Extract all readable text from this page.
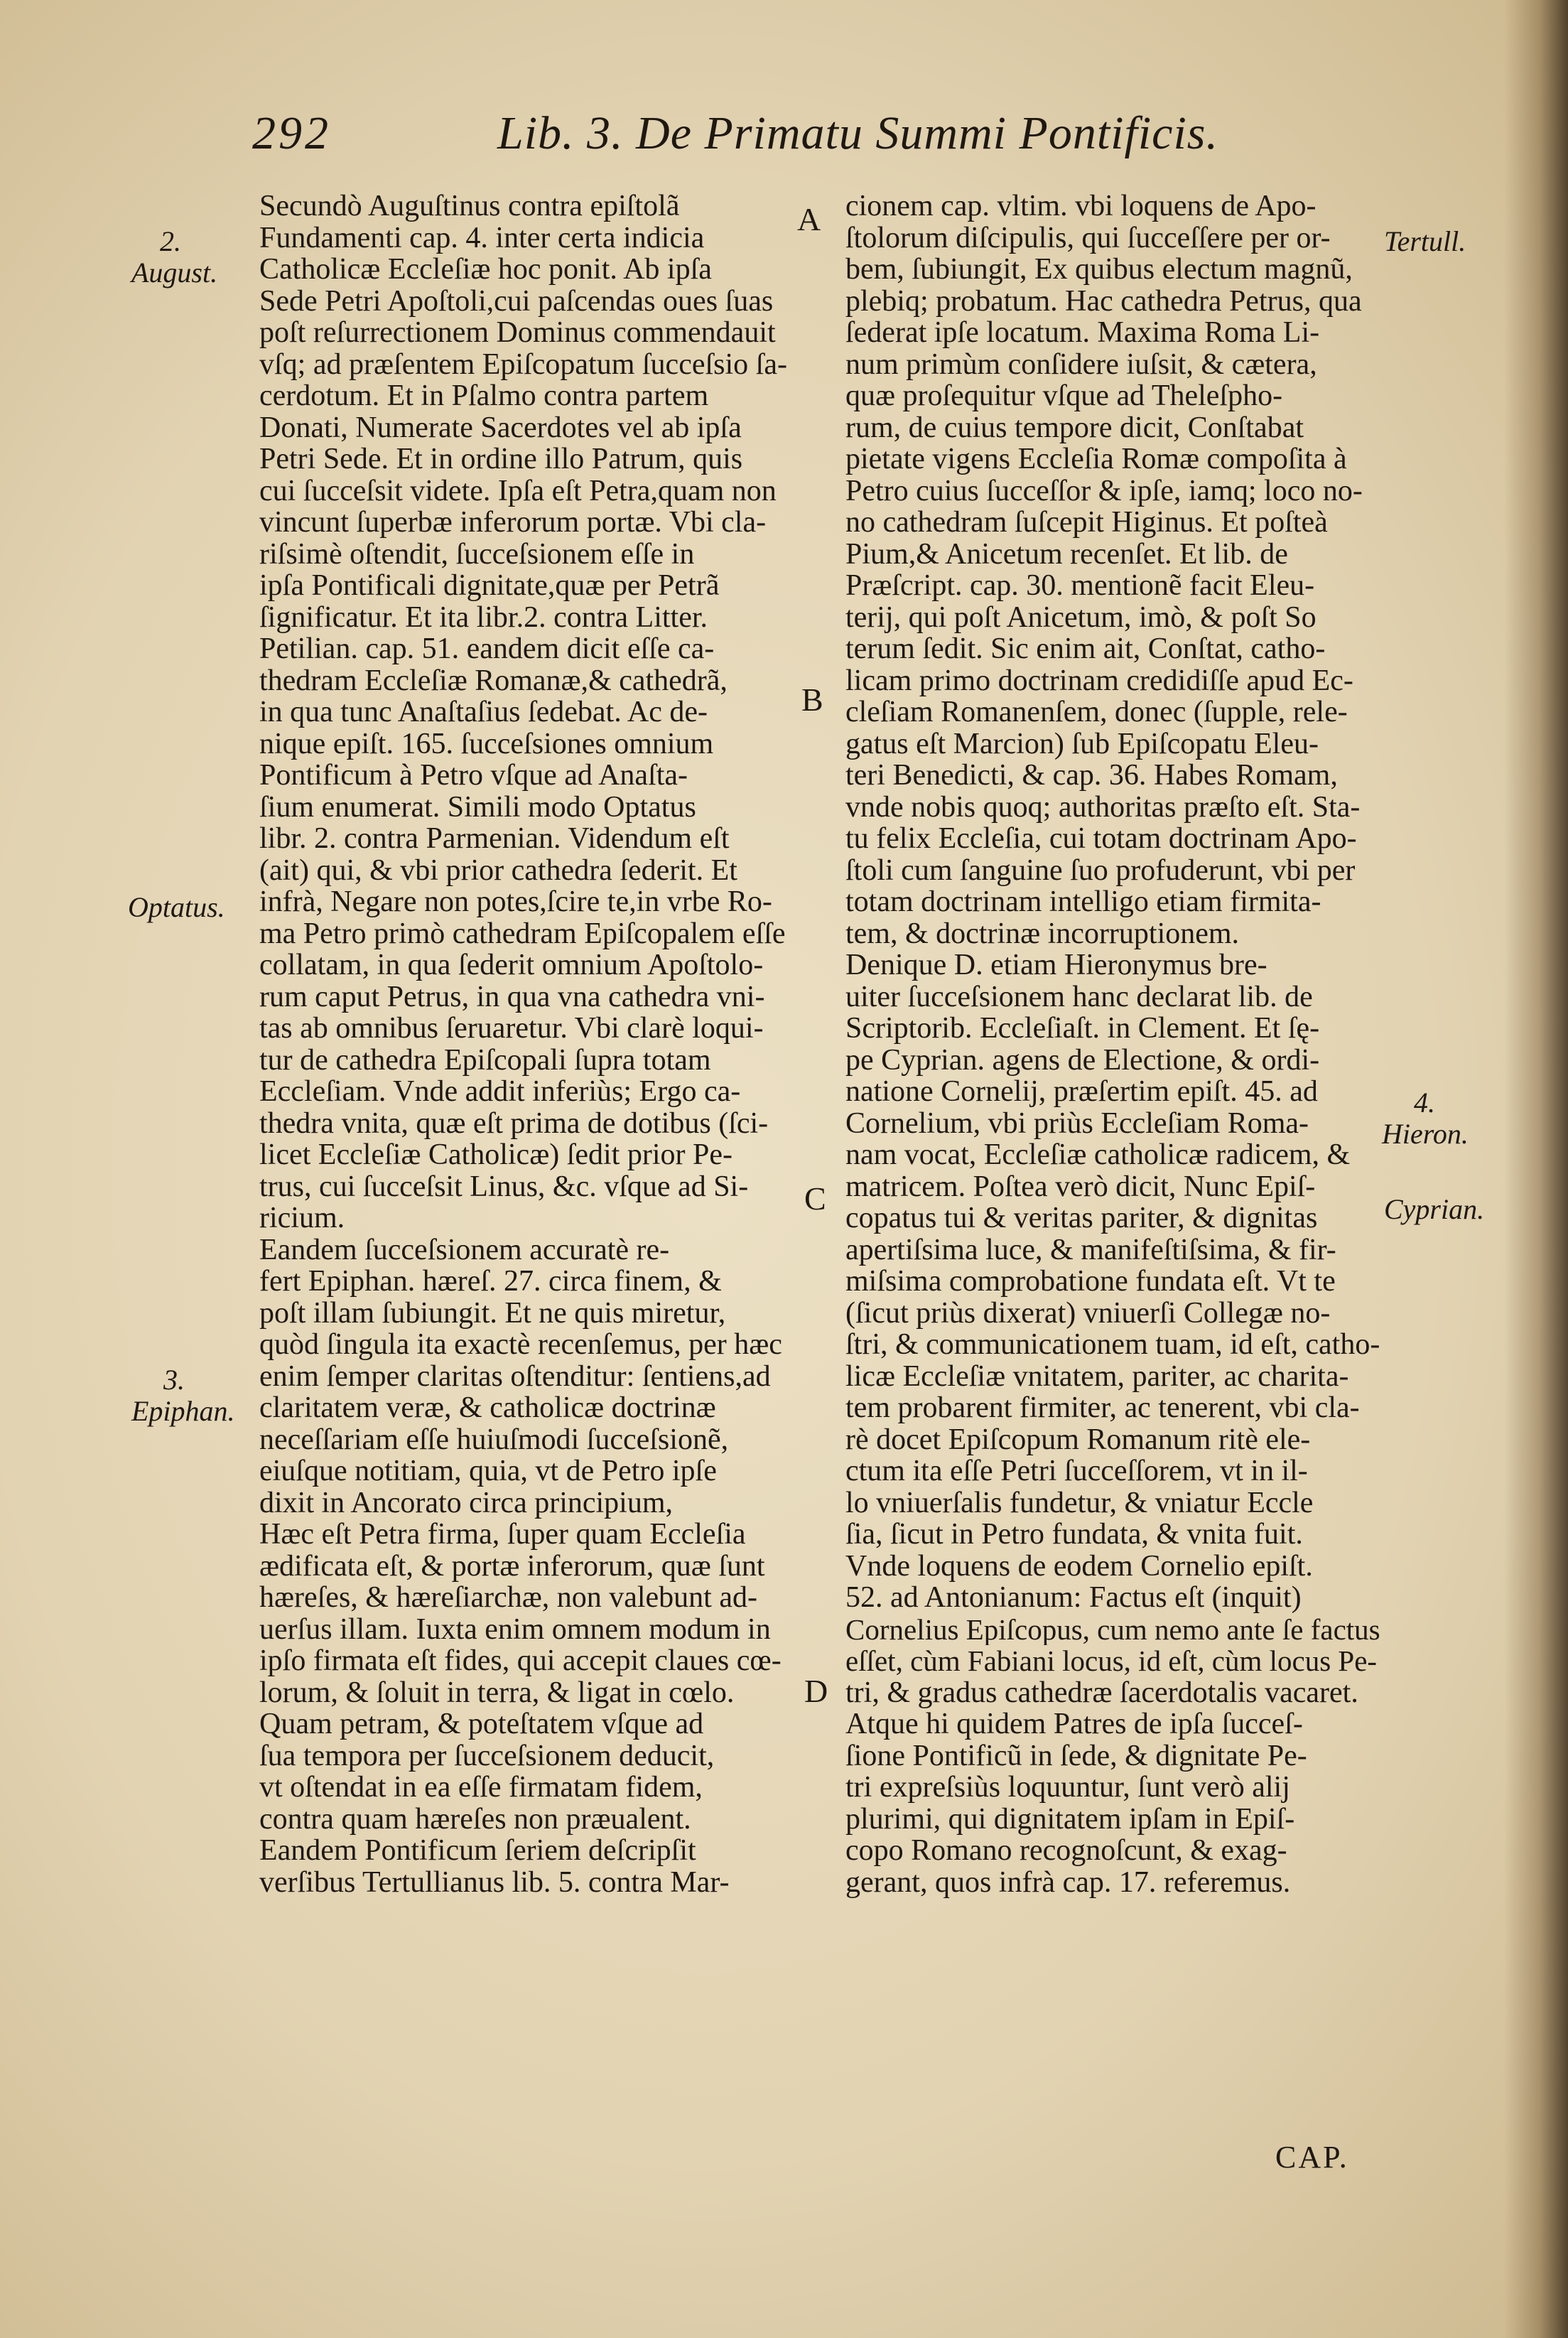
292	Lib. 3. De Primatu Summi Pontificis.
2.
August.
Optatus.
3.
Epiphan.
Tertull.
4.
Hieron.
Cyprian.
A
B
C
D
Secundò Auguſtinus contra epiſtolã
Fundamenti cap. 4. inter certa indicia
Catholicæ Eccleſiæ hoc ponit. Ab ipſa
Sede Petri Apoſtoli,cui paſcendas oues ſuas
poſt reſurrectionem Dominus commendauit
vſq; ad præſentem Epiſcopatum ſucceſsio ſa-
cerdotum. Et in Pſalmo contra partem
Donati, Numerate Sacerdotes vel ab ipſa
Petri Sede. Et in ordine illo Patrum, quis
cui ſucceſsit videte. Ipſa eſt Petra,quam non
vincunt ſuperbæ inferorum portæ. Vbi cla-
riſsimè oſtendit, ſucceſsionem eſſe in
ipſa Pontificali dignitate,quæ per Petrã
ſignificatur. Et ita libr.2. contra Litter.
Petilian. cap. 51. eandem dicit eſſe ca-
thedram Eccleſiæ Romanæ,& cathedrã,
in qua tunc Anaſtaſius ſedebat. Ac de-
nique epiſt. 165. ſucceſsiones omnium
Pontificum à Petro vſque ad Anaſta-
ſium enumerat. Simili modo Optatus
libr. 2. contra Parmenian. Videndum eſt
(ait) qui, & vbi prior cathedra ſederit. Et
infrà, Negare non potes,ſcire te,in vrbe Ro-
ma Petro primò cathedram Epiſcopalem eſſe
collatam, in qua ſederit omnium Apoſtolo-
rum caput Petrus, in qua vna cathedra vni-
tas ab omnibus ſeruaretur. Vbi clarè loqui-
tur de cathedra Epiſcopali ſupra totam
Eccleſiam. Vnde addit inferiùs; Ergo ca-
thedra vnita, quæ eſt prima de dotibus (ſci-
licet Eccleſiæ Catholicæ) ſedit prior Pe-
trus, cui ſucceſsit Linus, &c. vſque ad Si-
ricium.
Eandem ſucceſsionem accuratè re-
fert Epiphan. hæreſ. 27. circa finem, &
poſt illam ſubiungit. Et ne quis miretur,
quòd ſingula ita exactè recenſemus, per hæc
enim ſemper claritas oſtenditur: ſentiens,ad
claritatem veræ, & catholicæ doctrinæ
neceſſariam eſſe huiuſmodi ſucceſsionẽ,
eiuſque notitiam, quia, vt de Petro ipſe
dixit in Ancorato circa principium,
Hæc eſt Petra firma, ſuper quam Eccleſia
ædificata eſt, & portæ inferorum, quæ ſunt
hæreſes, & hæreſiarchæ, non valebunt ad-
uerſus illam. Iuxta enim omnem modum in
ipſo firmata eſt fides, qui accepit claues cœ-
lorum, & ſoluit in terra, & ligat in cœlo.
Quam petram, & poteſtatem vſque ad
ſua tempora per ſucceſsionem deducit,
vt oſtendat in ea eſſe firmatam fidem,
contra quam hæreſes non præualent.
Eandem Pontificum ſeriem deſcripſit
verſibus Tertullianus lib. 5. contra Mar-
cionem cap. vltim. vbi loquens de Apo-
ſtolorum diſcipulis, qui ſucceſſere per or-
bem, ſubiungit, Ex quibus electum magnũ,
plebiq; probatum. Hac cathedra Petrus, qua
ſederat ipſe locatum. Maxima Roma Li-
num primùm conſidere iuſsit, & cætera,
quæ proſequitur vſque ad Theleſpho-
rum, de cuius tempore dicit, Conſtabat
pietate vigens Eccleſia Romæ compoſita à
Petro cuius ſucceſſor & ipſe, iamq; loco no-
no cathedram ſuſcepit Higinus. Et poſteà
Pium,& Anicetum recenſet. Et lib. de
Præſcript. cap. 30. mentionẽ facit Eleu-
terij, qui poſt Anicetum, imò, & poſt So
terum ſedit. Sic enim ait, Conſtat, catho-
licam primo doctrinam credidiſſe apud Ec-
cleſiam Romanenſem, donec (ſupple, rele-
gatus eſt Marcion) ſub Epiſcopatu Eleu-
teri Benedicti, & cap. 36. Habes Romam,
vnde nobis quoq; authoritas præſto eſt. Sta-
tu felix Eccleſia, cui totam doctrinam Apo-
ſtoli cum ſanguine ſuo profuderunt, vbi per
totam doctrinam intelligo etiam firmita-
tem, & doctrinæ incorruptionem.
Denique D. etiam Hieronymus bre-
uiter ſucceſsionem hanc declarat lib. de
Scriptorib. Eccleſiaſt. in Clement. Et ſę-
pe Cyprian. agens de Electione, & ordi-
natione Cornelij, præſertim epiſt. 45. ad
Cornelium, vbi priùs Eccleſiam Roma-
nam vocat, Eccleſiæ catholicæ radicem, &
matricem. Poſtea verò dicit, Nunc Epiſ-
copatus tui & veritas pariter, & dignitas
apertiſsima luce, & manifeſtiſsima, & fir-
miſsima comprobatione fundata eſt. Vt te
(ſicut priùs dixerat) vniuerſi Collegæ no-
ſtri, & communicationem tuam, id eſt, catho-
licæ Eccleſiæ vnitatem, pariter, ac charita-
tem probarent firmiter, ac tenerent, vbi cla-
rè docet Epiſcopum Romanum ritè ele-
ctum ita eſſe Petri ſucceſſorem, vt in il-
lo vniuerſalis fundetur, & vniatur Eccle
ſia, ſicut in Petro fundata, & vnita fuit.
Vnde loquens de eodem Cornelio epiſt.
52. ad Antonianum: Factus eſt (inquit)
Cornelius Epiſcopus, cum nemo ante ſe factus
eſſet, cùm Fabiani locus, id eſt, cùm locus Pe-
tri, & gradus cathedræ ſacerdotalis vacaret.
Atque hi quidem Patres de ipſa ſucceſ-
ſione Pontificũ in ſede, & dignitate Pe-
tri expreſsiùs loquuntur, ſunt verò alij
plurimi, qui dignitatem ipſam in Epiſ-
copo Romano recognoſcunt, & exag-
gerant, quos infrà cap. 17. referemus.
CAP.
